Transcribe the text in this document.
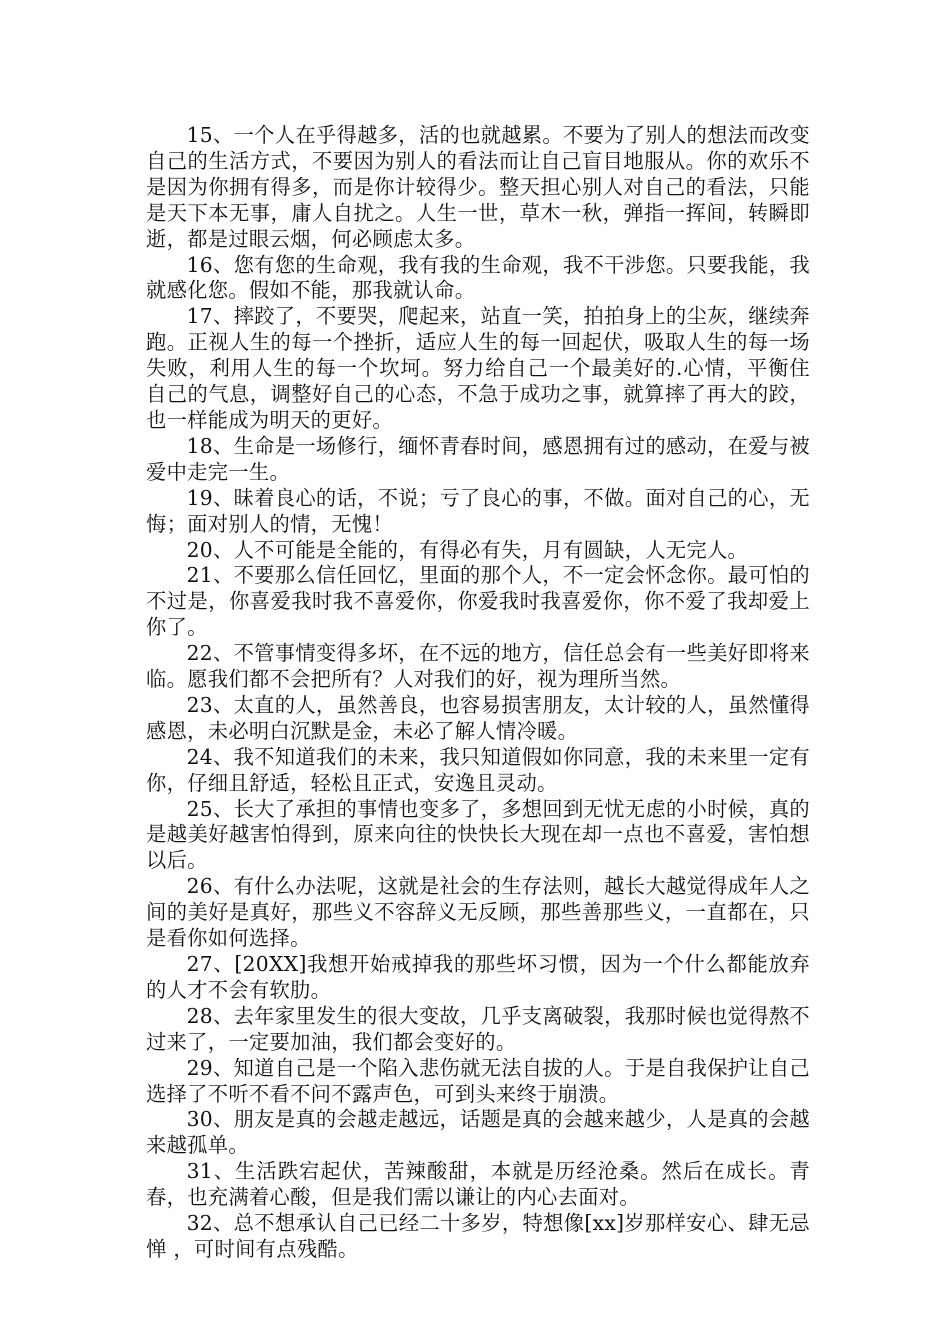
15、一个人在乎得越多，活的也就越累。不要为了别人的想法而改变自己的生活方式，不要因为别人的看法而让自己盲目地服从。你的欢乐不是因为你拥有得多，而是你计较得少。整天担心别人对自己的看法，只能是天下本无事，庸人自扰之。人生一世，草木一秋，弹指一挥间，转瞬即逝，都是过眼云烟，何必顾虑太多。

16、您有您的生命观，我有我的生命观，我不干涉您。只要我能，我就感化您。假如不能，那我就认命。

17、摔跤了，不要哭，爬起来，站直一笑，拍拍身上的尘灰，继续奔跑。正视人生的每一个挫折，适应人生的每一回起伏，吸取人生的每一场失败，利用人生的每一个坎坷。努力给自己一个最美好的.心情，平衡住自己的气息，调整好自己的心态，不急于成功之事，就算摔了再大的跤，也一样能成为明天的更好。

18、生命是一场修行，缅怀青春时间，感恩拥有过的感动，在爱与被爱中走完一生。

19、昧着良心的话，不说；亏了良心的事，不做。面对自己的心，无悔；面对别人的情，无愧！

20、人不可能是全能的，有得必有失，月有圆缺，人无完人。

21、不要那么信任回忆，里面的那个人，不一定会怀念你。最可怕的不过是，你喜爱我时我不喜爱你，你爱我时我喜爱你，你不爱了我却爱上你了。

22、不管事情变得多坏，在不远的地方，信任总会有一些美好即将来临。愿我们都不会把所有？人对我们的好，视为理所当然。

23、太直的人，虽然善良，也容易损害朋友，太计较的人，虽然懂得感恩，未必明白沉默是金，未必了解人情冷暖。

24、我不知道我们的未来，我只知道假如你同意，我的未来里一定有你，仔细且舒适，轻松且正式，安逸且灵动。

25、长大了承担的事情也变多了，多想回到无忧无虑的小时候，真的是越美好越害怕得到，原来向往的快快长大现在却一点也不喜爱，害怕想以后。

26、有什么办法呢，这就是社会的生存法则，越长大越觉得成年人之间的美好是真好，那些义不容辞义无反顾，那些善那些义，一直都在，只是看你如何选择。

27、[20XX]我想开始戒掉我的那些坏习惯，因为一个什么都能放弃的人才不会有软肋。

28、去年家里发生的很大变故，几乎支离破裂，我那时候也觉得熬不过来了，一定要加油，我们都会变好的。

29、知道自己是一个陷入悲伤就无法自拔的人。于是自我保护让自己选择了不听不看不问不露声色，可到头来终于崩溃。

30、朋友是真的会越走越远，话题是真的会越来越少，人是真的会越来越孤单。

31、生活跌宕起伏，苦辣酸甜，本就是历经沧桑。然后在成长。青春，也充满着心酸，但是我们需以谦让的内心去面对。

32、总不想承认自己已经二十多岁，特想像[xx]岁那样安心、肆无忌惮 ，可时间有点残酷。
